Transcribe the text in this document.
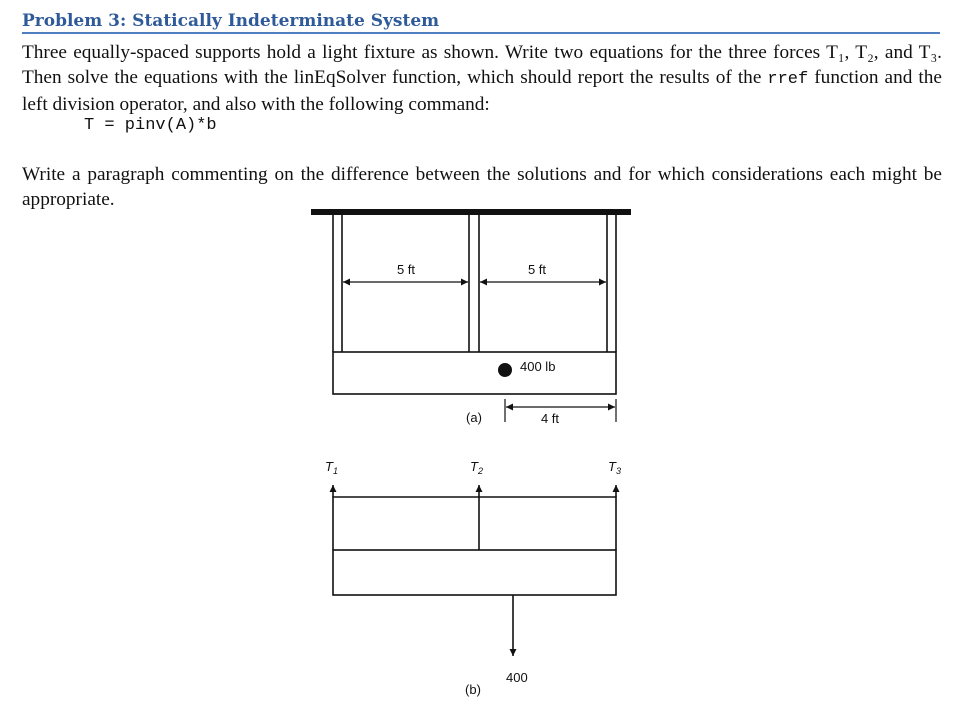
Problem 3: Statically Indeterminate System

Three equally-spaced supports hold a light fixture as shown. Write two equations for the three forces T₁, T₂, and T₃. Then solve the equations with the linEqSolver function, which should report the results of the rref function and the left division operator, and also with the following command:

T = pinv(A)*b

Write a paragraph commenting on the difference between the solutions and for which considerations each might be appropriate.

5 ft	5 ft
400 lb
4 ft
(a)
$T_1$	$T_2$	$T_3$
400
(b)
